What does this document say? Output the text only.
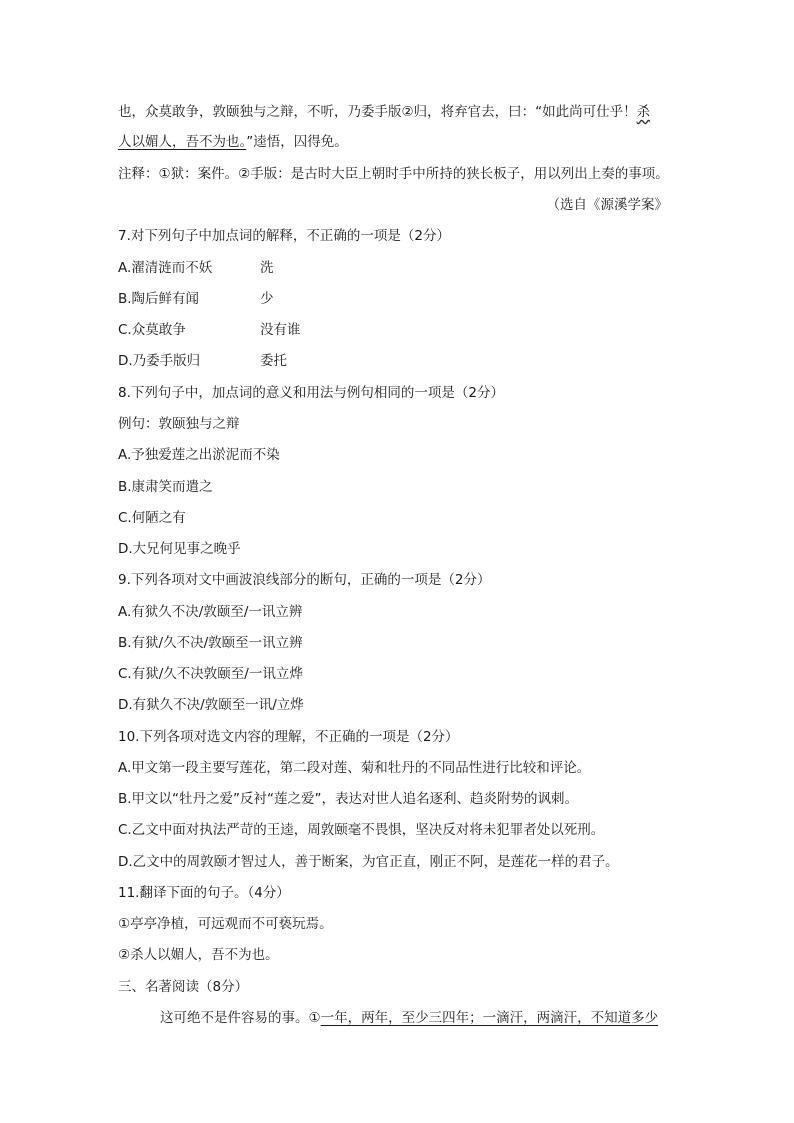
也，众莫敢争，敦颐独与之辩，不听，乃委手版②归，将弃官去，曰：“如此尚可仕乎！杀
人以媚人，吾不为也。”逵悟，囚得免。
注释：①狱：案件。②手版：是古时大臣上朝时手中所持的狭长板子，用以列出上奏的事项。
（选自《源溪学案》
7.对下列句子中加点词的解释，不正确的一项是（2分）
A.濯清涟而不妖	洗
B.陶后鲜有闻	少
C.众莫敢争	没有谁
D.乃委手版归	委托
8.下列句子中，加点词的意义和用法与例句相同的一项是（2分）
例句：敦颐独与之辩
A.予独爱莲之出淤泥而不染
B.康肃笑而遣之
C.何陋之有
D.大兄何见事之晚乎
9.下列各项对文中画波浪线部分的断句，正确的一项是（2分）
A.有狱久不决/敦颐至/一讯立辨
B.有狱/久不决/敦颐至一讯立辨
C.有狱/久不决敦颐至/一讯立烨
D.有狱久不决/敦颐至一讯/立烨
10.下列各项对选文内容的理解，不正确的一项是（2分）
A.甲文第一段主要写莲花，第二段对莲、菊和牡丹的不同品性进行比较和评论。
B.甲文以“牡丹之爱”反衬“莲之爱”，表达对世人追名逐利、趋炎附势的讽刺。
C.乙文中面对执法严苛的王逵，周敦颐毫不畏惧，坚决反对将未犯罪者处以死刑。
D.乙文中的周敦颐才智过人，善于断案，为官正直，刚正不阿，是莲花一样的君子。
11.翻译下面的句子。（4分）
①亭亭净植，可远观而不可亵玩焉。
②杀人以媚人，吾不为也。
三、名著阅读（8分）
这可绝不是件容易的事。①一年，两年，至少三四年；一滴汗，两滴汗，不知道多少
